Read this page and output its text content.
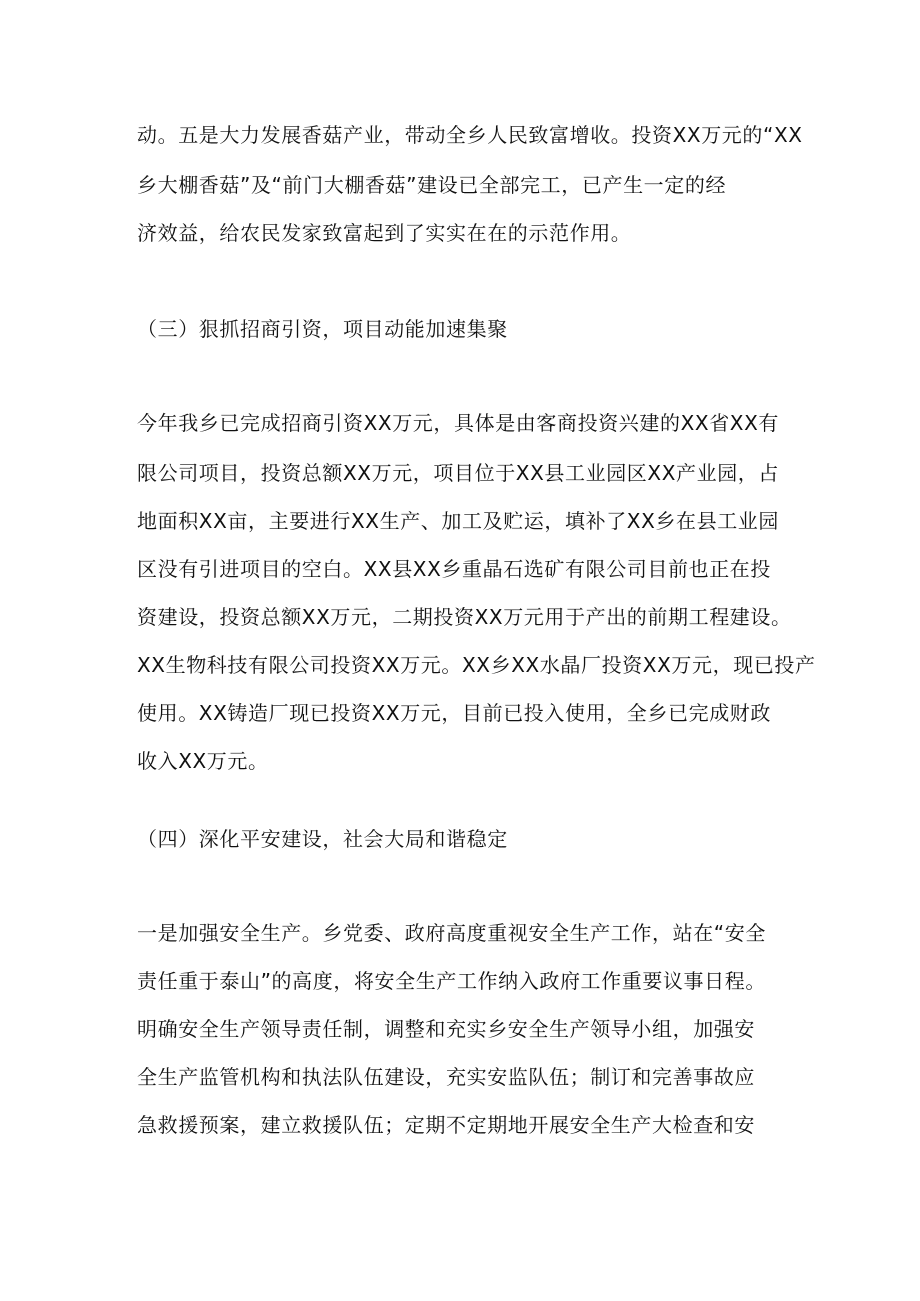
动。五是大力发展香菇产业，带动全乡人民致富增收。投资XX万元的“XX

乡大棚香菇”及“前门大棚香菇”建设已全部完工，已产生一定的经

济效益，给农民发家致富起到了实实在在的示范作用。

（三）狠抓招商引资，项目动能加速集聚

今年我乡已完成招商引资XX万元，具体是由客商投资兴建的XX省XX有

限公司项目，投资总额XX万元，项目位于XX县工业园区XX产业园，占

地面积XX亩，主要进行XX生产、加工及贮运，填补了XX乡在县工业园

区没有引进项目的空白。XX县XX乡重晶石选矿有限公司目前也正在投

资建设，投资总额XX万元，二期投资XX万元用于产出的前期工程建设。

XX生物科技有限公司投资XX万元。XX乡XX水晶厂投资XX万元，现已投产

使用。XX铸造厂现已投资XX万元，目前已投入使用，全乡已完成财政

收入XX万元。

（四）深化平安建设，社会大局和谐稳定

一是加强安全生产。乡党委、政府高度重视安全生产工作，站在“安全

责任重于泰山”的高度，将安全生产工作纳入政府工作重要议事日程。

明确安全生产领导责任制，调整和充实乡安全生产领导小组，加强安

全生产监管机构和执法队伍建设，充实安监队伍；制订和完善事故应

急救援预案，建立救援队伍；定期不定期地开展安全生产大检查和安
